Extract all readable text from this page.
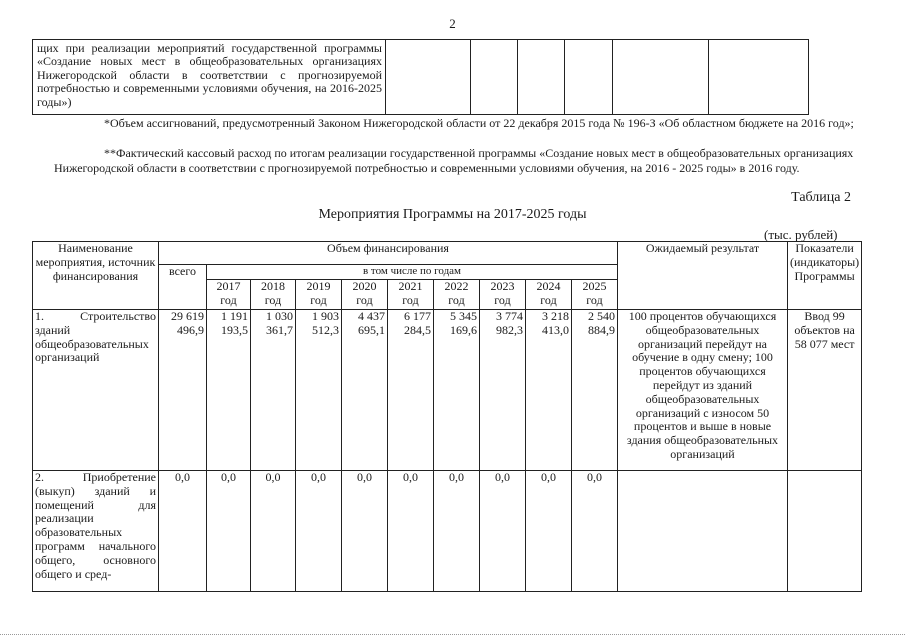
2
щих при реализации мероприятий государственной программы «Создание новых мест в общеобразовательных организациях Нижегородской области в соответствии с прогнозируемой потребностью и современными условиями обучения, на 2016-2025 годы»)						
*Объем ассигнований, предусмотренный Законом Нижегородской области от 22 декабря 2015 года № 196-З «Об областном бюджете на 2016 год»;
**Фактический кассовый расход по итогам реализации государственной программы «Создание новых мест в общеобразовательных организациях Нижегородской области в соответствии с прогнозируемой потребностью и современными условиями обучения, на 2016 - 2025 годы» в 2016 году.
Таблица 2
Мероприятия Программы на 2017-2025 годы
(тыс. рублей)
Наименование мероприятия, источник финансирования	Объем финансирования										Ожидаемый результат	Показатели (индикаторы) Программы
	всего	в том числе по годам										
		2017 год	2018 год	2019 год	2020 год	2021 год	2022 год	2023 год	2024 год	2025 год		
1. Строительство зданий общеобразовательных организаций	29 619 496,9	1 191 193,5	1 030 361,7	1 903 512,3	4 437 695,1	6 177 284,5	5 345 169,6	3 774 982,3	3 218 413,0	2 540 884,9	100 процентов обучающихся общеобразовательных организаций перейдут на обучение в одну смену; 100 процентов обучающихся перейдут из зданий общеобразовательных организаций с износом 50 процентов и выше в новые здания общеобразовательных организаций	Ввод 99 объектов на 58 077 мест
2. Приобретение (выкуп) зданий и помещений для реализации образовательных программ начального общего, основного общего и сред-	0,0	0,0	0,0	0,0	0,0	0,0	0,0	0,0	0,0	0,0		
